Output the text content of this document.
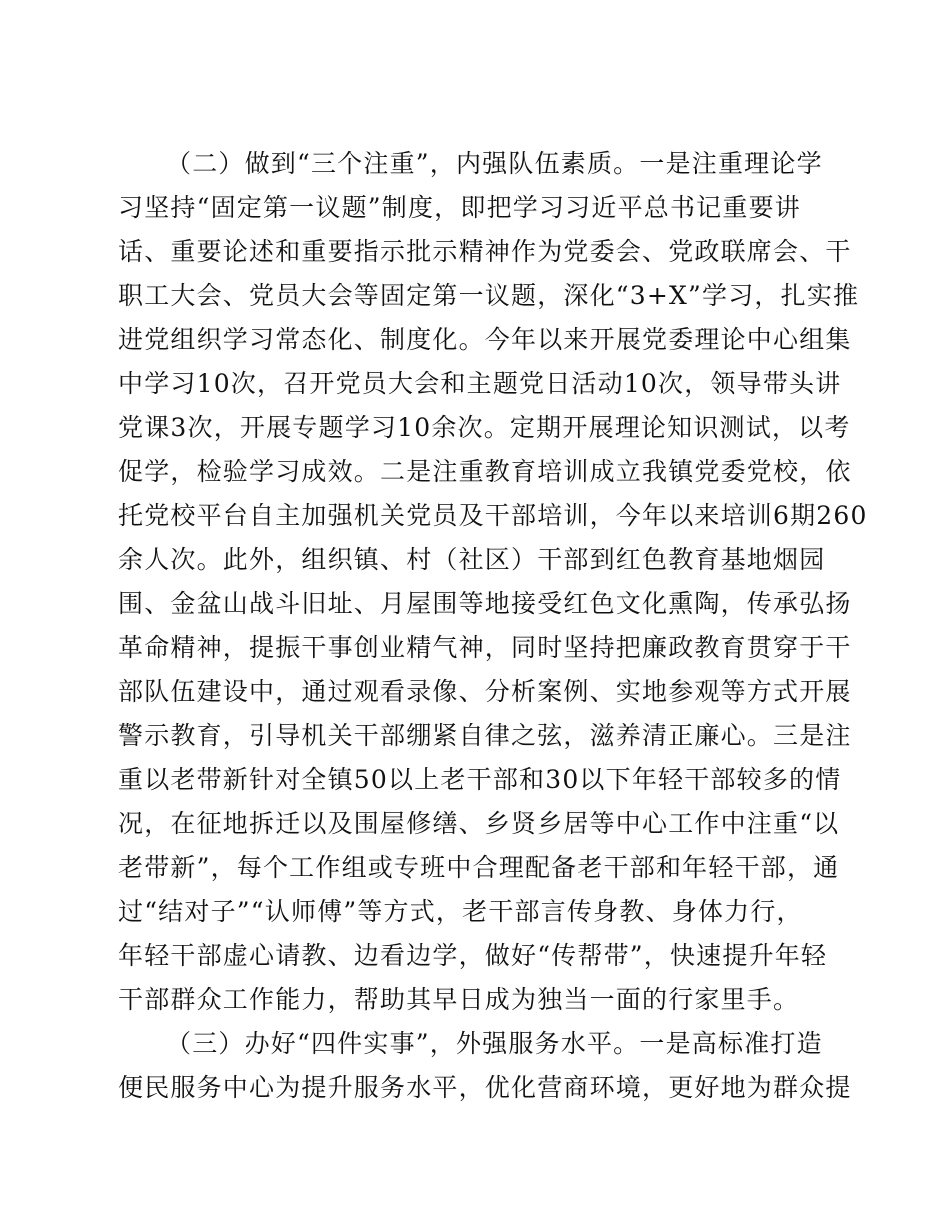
（二）做到“三个注重”，内强队伍素质。一是注重理论学
习坚持“固定第一议题”制度，即把学习习近平总书记重要讲
话、重要论述和重要指示批示精神作为党委会、党政联席会、干
职工大会、党员大会等固定第一议题，深化“3+X”学习，扎实推
进党组织学习常态化、制度化。今年以来开展党委理论中心组集
中学习10次，召开党员大会和主题党日活动10次，领导带头讲
党课3次，开展专题学习10余次。定期开展理论知识测试，以考
促学，检验学习成效。二是注重教育培训成立我镇党委党校，依
托党校平台自主加强机关党员及干部培训，今年以来培训6期260
余人次。此外，组织镇、村（社区）干部到红色教育基地烟园
围、金盆山战斗旧址、月屋围等地接受红色文化熏陶，传承弘扬
革命精神，提振干事创业精气神，同时坚持把廉政教育贯穿于干
部队伍建设中，通过观看录像、分析案例、实地参观等方式开展
警示教育，引导机关干部绷紧自律之弦，滋养清正廉心。三是注
重以老带新针对全镇50以上老干部和30以下年轻干部较多的情
况，在征地拆迁以及围屋修缮、乡贤乡居等中心工作中注重“以
老带新”，每个工作组或专班中合理配备老干部和年轻干部，通
过“结对子”“认师傅”等方式，老干部言传身教、身体力行，
年轻干部虚心请教、边看边学，做好“传帮带”，快速提升年轻
干部群众工作能力，帮助其早日成为独当一面的行家里手。
（三）办好“四件实事”，外强服务水平。一是高标准打造
便民服务中心为提升服务水平，优化营商环境，更好地为群众提
